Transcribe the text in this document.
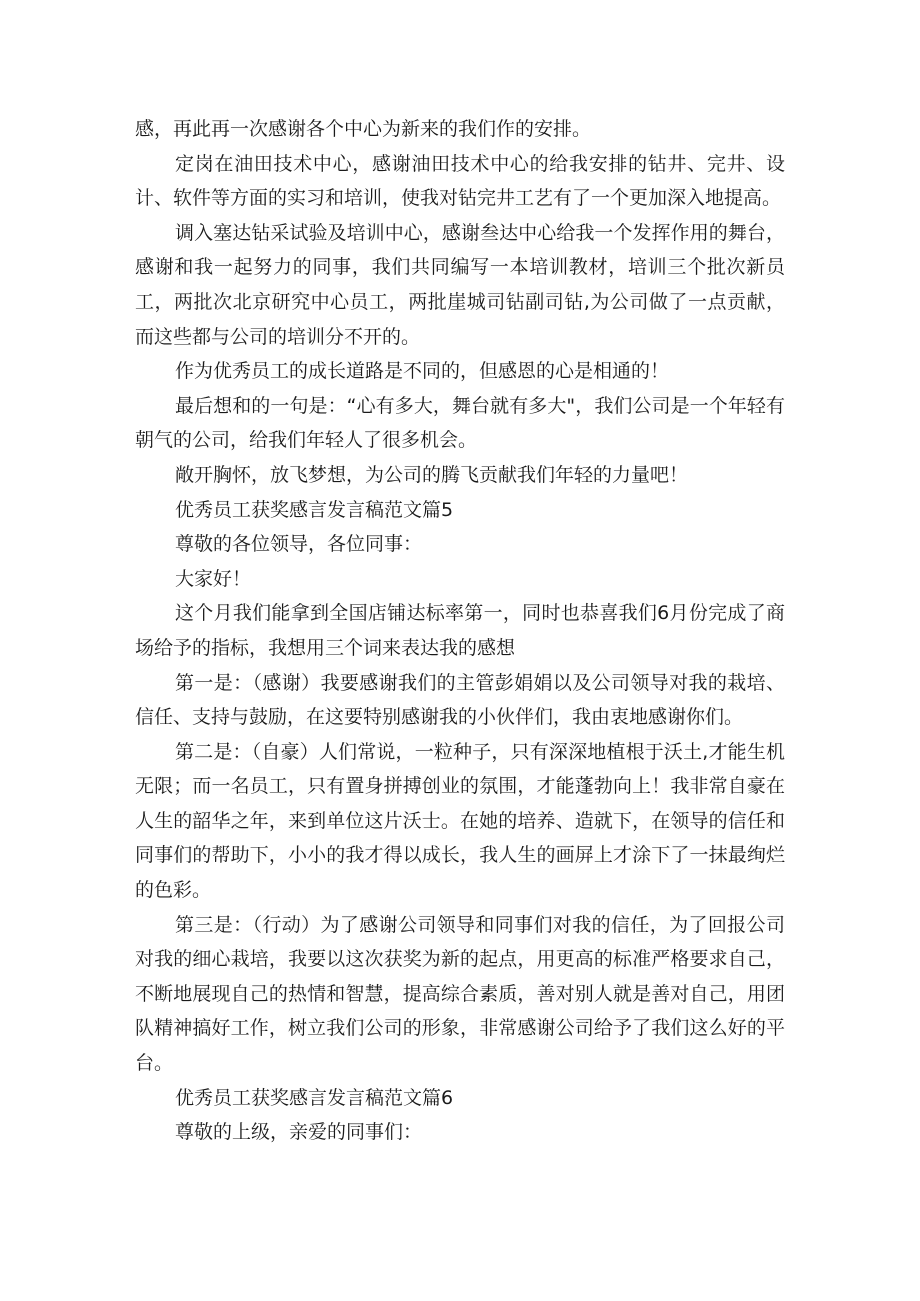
感，再此再一次感谢各个中心为新来的我们作的安排。

定岗在油田技术中心，感谢油田技术中心的给我安排的钻井、完井、设计、软件等方面的实习和培训，使我对钻完井工艺有了一个更加深入地提高。

调入塞达钻采试验及培训中心，感谢叁达中心给我一个发挥作用的舞台，感谢和我一起努力的同事，我们共同编写一本培训教材，培训三个批次新员工，两批次北京研究中心员工，两批崖城司钻副司钻,为公司做了一点贡献，而这些都与公司的培训分不开的。

作为优秀员工的成长道路是不同的，但感恩的心是相通的！

最后想和的一句是：“心有多大，舞台就有多大"，我们公司是一个年轻有朝气的公司，给我们年轻人了很多机会。

敞开胸怀，放飞梦想，为公司的腾飞贡献我们年轻的力量吧！

优秀员工获奖感言发言稿范文篇5

尊敬的各位领导，各位同事：

大家好！

这个月我们能拿到全国店铺达标率第一，同时也恭喜我们6月份完成了商场给予的指标，我想用三个词来表达我的感想

第一是：（感谢）我要感谢我们的主管彭娟娟以及公司领导对我的栽培、信任、支持与鼓励，在这要特别感谢我的小伙伴们，我由衷地感谢你们。

第二是：（自豪）人们常说，一粒种子，只有深深地植根于沃土,才能生机无限；而一名员工，只有置身拼搏创业的氛围，才能蓬勃向上！我非常自豪在人生的韶华之年，来到单位这片沃士。在她的培养、造就下，在领导的信任和同事们的帮助下，小小的我才得以成长，我人生的画屏上才涂下了一抹最绚烂的色彩。

第三是：（行动）为了感谢公司领导和同事们对我的信任，为了回报公司对我的细心栽培，我要以这次获奖为新的起点，用更高的标准严格要求自己，不断地展现自己的热情和智慧，提高综合素质，善对别人就是善对自己，用团队精神搞好工作，树立我们公司的形象，非常感谢公司给予了我们这么好的平台。

优秀员工获奖感言发言稿范文篇6

尊敬的上级，亲爱的同事们：
